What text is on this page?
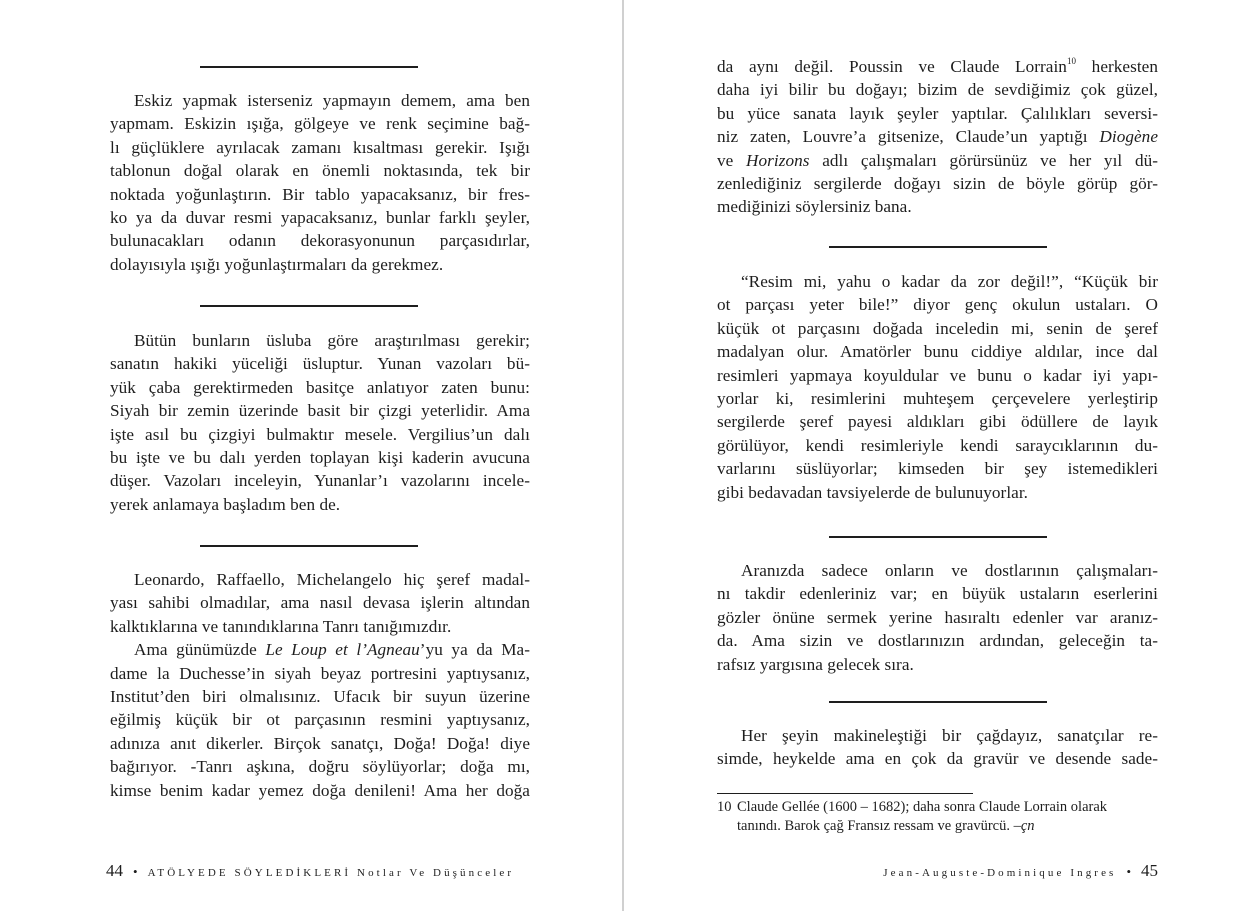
Eskiz yapmak isterseniz yapmayın demem, ama ben
yapmam. Eskizin ışığa, gölgeye ve renk seçimine bağ-
lı güçlüklere ayrılacak zamanı kısaltması gerekir. Işığı
tablonun doğal olarak en önemli noktasında, tek bir
noktada yoğunlaştırın. Bir tablo yapacaksanız, bir fres-
ko ya da duvar resmi yapacaksanız, bunlar farklı şeyler,
bulunacakları odanın dekorasyonunun parçasıdırlar,
dolayısıyla ışığı yoğunlaştırmaları da gerekmez.
Bütün bunların üsluba göre araştırılması gerekir;
sanatın hakiki yüceliği üsluptur. Yunan vazoları bü-
yük çaba gerektirmeden basitçe anlatıyor zaten bunu:
Siyah bir zemin üzerinde basit bir çizgi yeterlidir. Ama
işte asıl bu çizgiyi bulmaktır mesele. Vergilius’un dalı
bu işte ve bu dalı yerden toplayan kişi kaderin avucuna
düşer. Vazoları inceleyin, Yunanlar’ı vazolarını incele-
yerek anlamaya başladım ben de.
Leonardo, Raffaello, Michelangelo hiç şeref madal-
yası sahibi olmadılar, ama nasıl devasa işlerin altından
kalktıklarına ve tanındıklarına Tanrı tanığımızdır.
Ama günümüzde Le Loup et l’Agneau’yu ya da Ma-
dame la Duchesse’in siyah beyaz portresini yaptıysanız,
Institut’den biri olmalısınız. Ufacık bir suyun üzerine
eğilmiş küçük bir ot parçasının resmini yaptıysanız,
adınıza anıt dikerler. Birçok sanatçı, Doğa! Doğa! diye
bağırıyor. -Tanrı aşkına, doğru söylüyorlar; doğa mı,
kimse benim kadar yemez doğa denileni! Ama her doğa
44 • ATÖLYEDE SÖYLEDİKLERİ Notlar Ve Düşünceler
da aynı değil. Poussin ve Claude Lorrain$^{10}$ herkesten
daha iyi bilir bu doğayı; bizim de sevdiğimiz çok güzel,
bu yüce sanata layık şeyler yaptılar. Çalılıkları seversi-
niz zaten, Louvre’a gitsenize, Claude’un yaptığı Diogène
ve Horizons adlı çalışmaları görürsünüz ve her yıl dü-
zenlediğiniz sergilerde doğayı sizin de böyle görüp gör-
mediğinizi söylersiniz bana.
“Resim mi, yahu o kadar da zor değil!”, “Küçük bir
ot parçası yeter bile!” diyor genç okulun ustaları. O
küçük ot parçasını doğada inceledin mi, senin de şeref
madalyan olur. Amatörler bunu ciddiye aldılar, ince dal
resimleri yapmaya koyuldular ve bunu o kadar iyi yapı-
yorlar ki, resimlerini muhteşem çerçevelere yerleştirip
sergilerde şeref payesi aldıkları gibi ödüllere de layık
görülüyor, kendi resimleriyle kendi saraycıklarının du-
varlarını süslüyorlar; kimseden bir şey istemedikleri
gibi bedavadan tavsiyelerde de bulunuyorlar.
Aranızda sadece onların ve dostlarının çalışmaları-
nı takdir edenleriniz var; en büyük ustaların eserlerini
gözler önüne sermek yerine hasıraltı edenler var aranız-
da. Ama sizin ve dostlarınızın ardından, geleceğin ta-
rafsız yargısına gelecek sıra.
Her şeyin makineleştiği bir çağdayız, sanatçılar re-
simde, heykelde ama en çok da gravür ve desende sade-
10 Claude Gellée (1600 – 1682); daha sonra Claude Lorrain olarak
tanındı. Barok çağ Fransız ressam ve gravürcü. –çn
Jean-Auguste-Dominique Ingres • 45
